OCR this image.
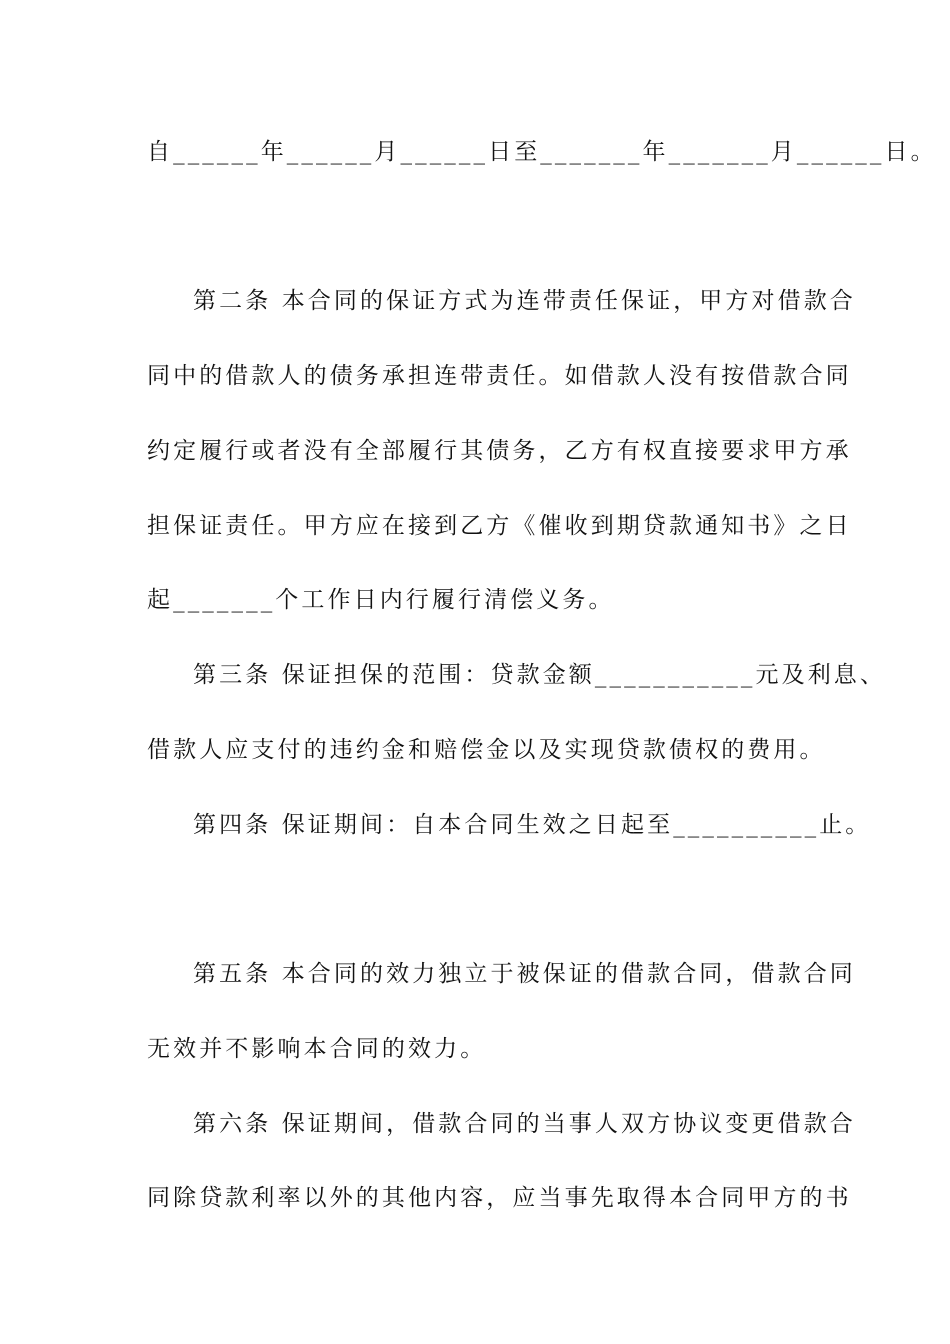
自______年______月______日至_______年_______月______日。
第二条 本合同的保证方式为连带责任保证，甲方对借款合
同中的借款人的债务承担连带责任。如借款人没有按借款合同
约定履行或者没有全部履行其债务，乙方有权直接要求甲方承
担保证责任。甲方应在接到乙方《催收到期贷款通知书》之日
起_______个工作日内行履行清偿义务。
第三条 保证担保的范围：贷款金额___________元及利息、
借款人应支付的违约金和赔偿金以及实现贷款债权的费用。
第四条 保证期间：自本合同生效之日起至__________止。
第五条 本合同的效力独立于被保证的借款合同，借款合同
无效并不影响本合同的效力。
第六条 保证期间，借款合同的当事人双方协议变更借款合
同除贷款利率以外的其他内容，应当事先取得本合同甲方的书
